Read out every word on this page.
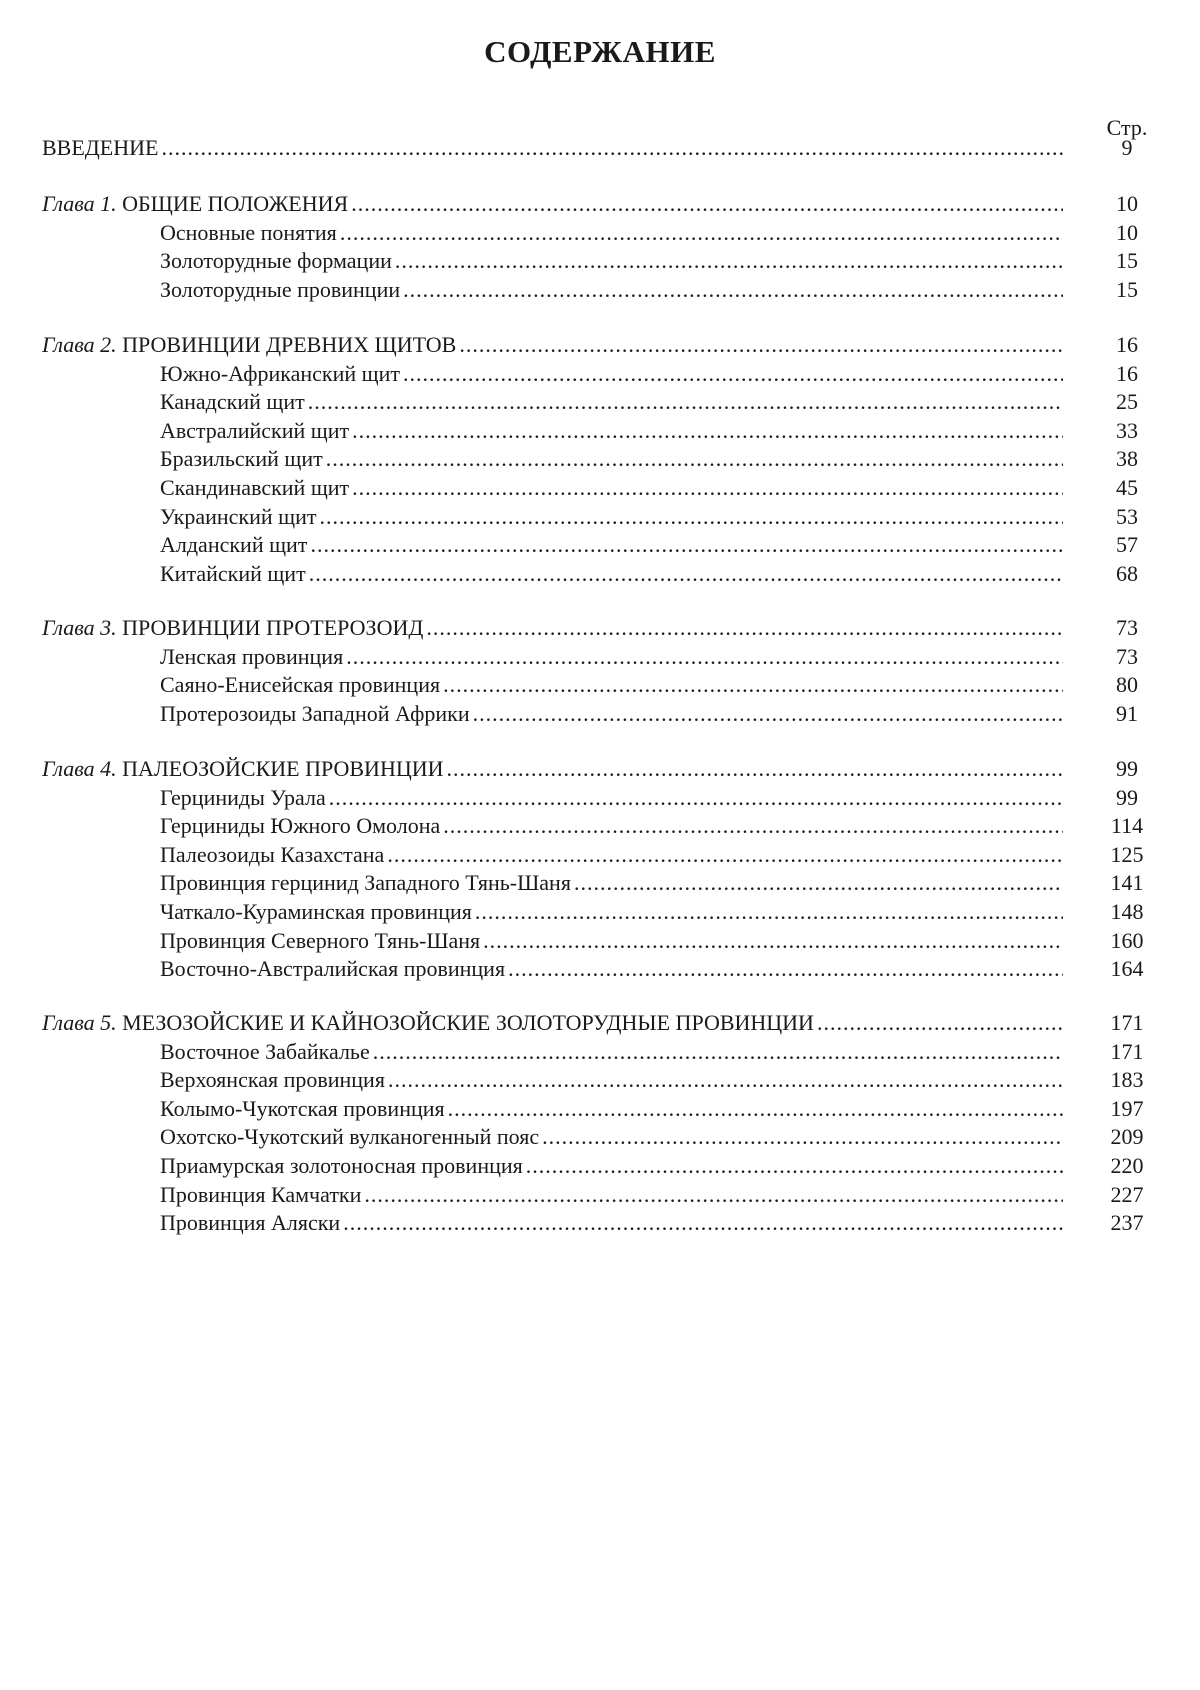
СОДЕРЖАНИЕ
Стр.
ВВЕДЕНИЕ .....	9
Глава 1. ОБЩИЕ ПОЛОЖЕНИЯ .....	10
Основные понятия .....	10
Золоторудные формации .....	15
Золоторудные провинции .....	15
Глава 2. ПРОВИНЦИИ ДРЕВНИХ ЩИТОВ .....	16
Южно-Африканский щит .....	16
Канадский щит .....	25
Австралийский щит .....	33
Бразильский щит .....	38
Скандинавский щит .....	45
Украинский щит .....	53
Алданский щит .....	57
Китайский щит .....	68
Глава 3. ПРОВИНЦИИ ПРОТЕРОЗОИД .....	73
Ленская провинция .....	73
Саяно-Енисейская провинция .....	80
Протерозоиды Западной Африки .....	91
Глава 4. ПАЛЕОЗОЙСКИЕ ПРОВИНЦИИ .....	99
Герциниды Урала .....	99
Герциниды Южного Омолона .....	114
Палеозоиды Казахстана .....	125
Провинция герцинид Западного Тянь-Шаня .....	141
Чаткало-Кураминская провинция .....	148
Провинция Северного Тянь-Шаня .....	160
Восточно-Австралийская провинция .....	164
Глава 5. МЕЗОЗОЙСКИЕ И КАЙНОЗОЙСКИЕ ЗОЛОТОРУДНЫЕ ПРОВИНЦИИ .....	171
Восточное Забайкалье .....	171
Верхоянская провинция .....	183
Колымо-Чукотская провинция .....	197
Охотско-Чукотский вулканогенный пояс .....	209
Приамурская золотоносная провинция .....	220
Провинция Камчатки .....	227
Провинция Аляски .....	237
